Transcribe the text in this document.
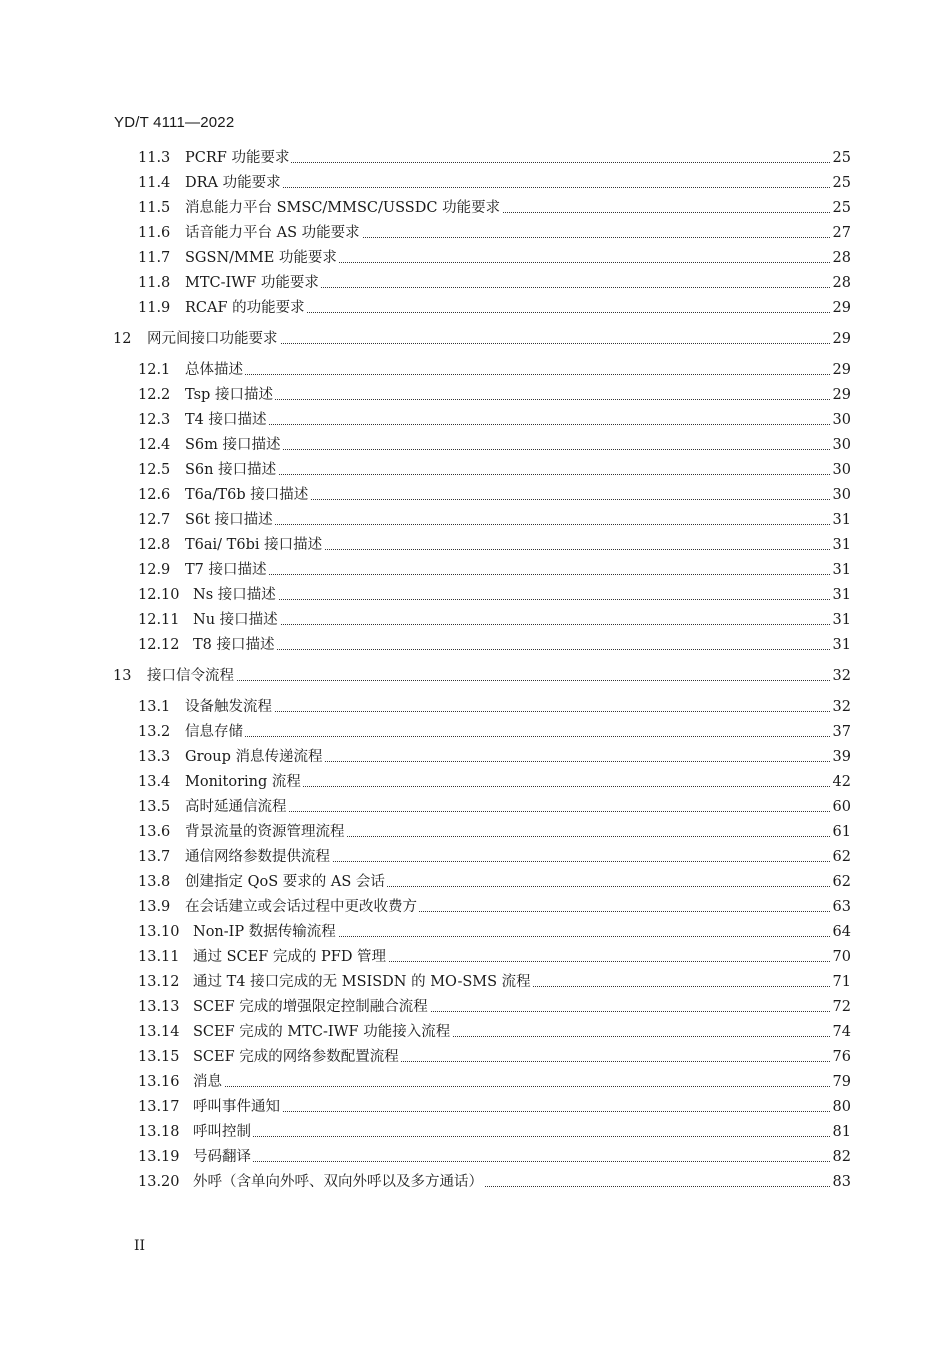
YD/T 4111—2022
11.3 PCRF 功能要求	25
11.4 DRA 功能要求	25
11.5 消息能力平台 SMSC/MMSC/USSDC 功能要求	25
11.6 话音能力平台 AS 功能要求	27
11.7 SGSN/MME 功能要求	28
11.8 MTC-IWF 功能要求	28
11.9 RCAF 的功能要求	29
12 网元间接口功能要求	29
12.1 总体描述	29
12.2 Tsp 接口描述	29
12.3 T4 接口描述	30
12.4 S6m 接口描述	30
12.5 S6n 接口描述	30
12.6 T6a/T6b 接口描述	30
12.7 S6t 接口描述	31
12.8 T6ai/ T6bi 接口描述	31
12.9 T7 接口描述	31
12.10 Ns 接口描述	31
12.11 Nu 接口描述	31
12.12 T8 接口描述	31
13 接口信令流程	32
13.1 设备触发流程	32
13.2 信息存储	37
13.3 Group 消息传递流程	39
13.4 Monitoring 流程	42
13.5 高时延通信流程	60
13.6 背景流量的资源管理流程	61
13.7 通信网络参数提供流程	62
13.8 创建指定 QoS 要求的 AS 会话	62
13.9 在会话建立或会话过程中更改收费方	63
13.10 Non-IP 数据传输流程	64
13.11 通过 SCEF 完成的 PFD 管理	70
13.12 通过 T4 接口完成的无 MSISDN 的 MO-SMS 流程	71
13.13 SCEF 完成的增强限定控制融合流程	72
13.14 SCEF 完成的 MTC-IWF 功能接入流程	74
13.15 SCEF 完成的网络参数配置流程	76
13.16 消息	79
13.17 呼叫事件通知	80
13.18 呼叫控制	81
13.19 号码翻译	82
13.20 外呼（含单向外呼、双向外呼以及多方通话）	83
II
